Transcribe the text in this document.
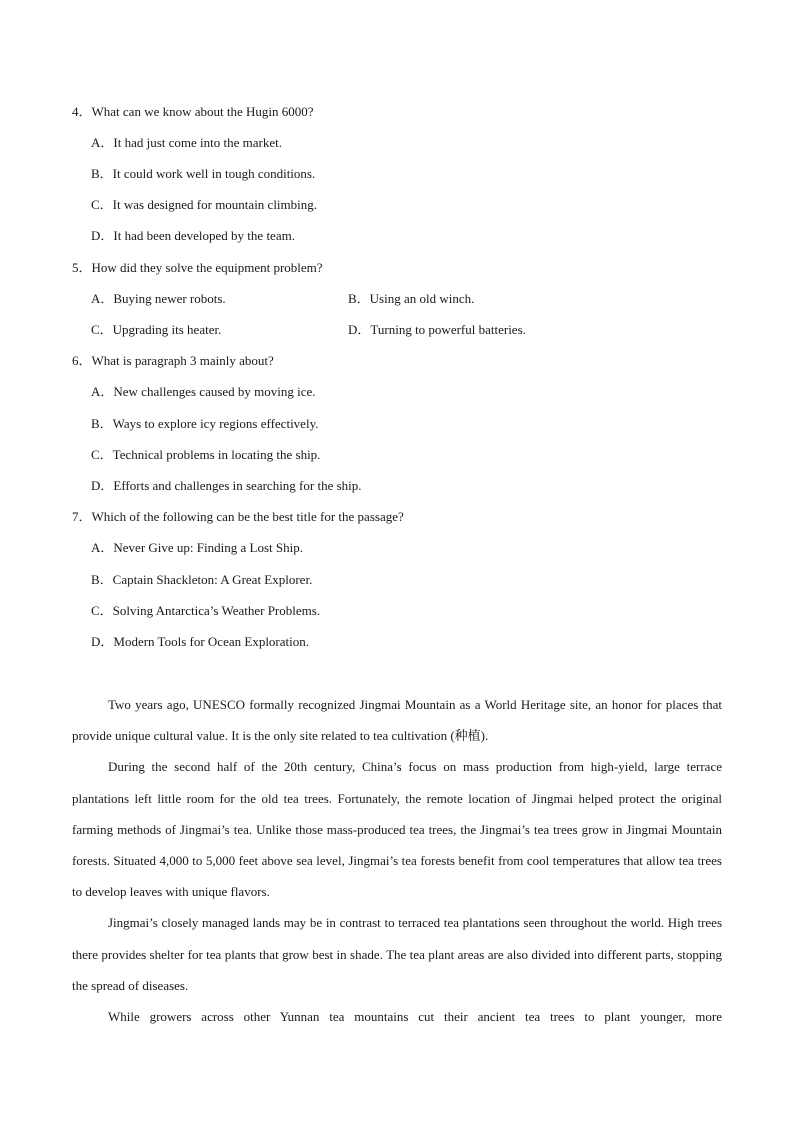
4．What can we know about the Hugin 6000?
A．It had just come into the market.
B．It could work well in tough conditions.
C．It was designed for mountain climbing.
D．It had been developed by the team.
5．How did they solve the equipment problem?
A．Buying newer robots.	B．Using an old winch.
C．Upgrading its heater.	D．Turning to powerful batteries.
6．What is paragraph 3 mainly about?
A．New challenges caused by moving ice.
B．Ways to explore icy regions effectively.
C．Technical problems in locating the ship.
D．Efforts and challenges in searching for the ship.
7．Which of the following can be the best title for the passage?
A．Never Give up: Finding a Lost Ship.
B．Captain Shackleton: A Great Explorer.
C．Solving Antarctica’s Weather Problems.
D．Modern Tools for Ocean Exploration.

Two years ago, UNESCO formally recognized Jingmai Mountain as a World Heritage site, an honor for places that provide unique cultural value. It is the only site related to tea cultivation (种植).

During the second half of the 20th century, China’s focus on mass production from high-yield, large terrace plantations left little room for the old tea trees. Fortunately, the remote location of Jingmai helped protect the original farming methods of Jingmai’s tea. Unlike those mass-produced tea trees, the Jingmai’s tea trees grow in Jingmai Mountain forests. Situated 4,000 to 5,000 feet above sea level, Jingmai’s tea forests benefit from cool temperatures that allow tea trees to develop leaves with unique flavors.

Jingmai’s closely managed lands may be in contrast to terraced tea plantations seen throughout the world. High trees there provides shelter for tea plants that grow best in shade. The tea plant areas are also divided into different parts, stopping the spread of diseases.

While growers across other Yunnan tea mountains cut their ancient tea trees to plant younger, more
